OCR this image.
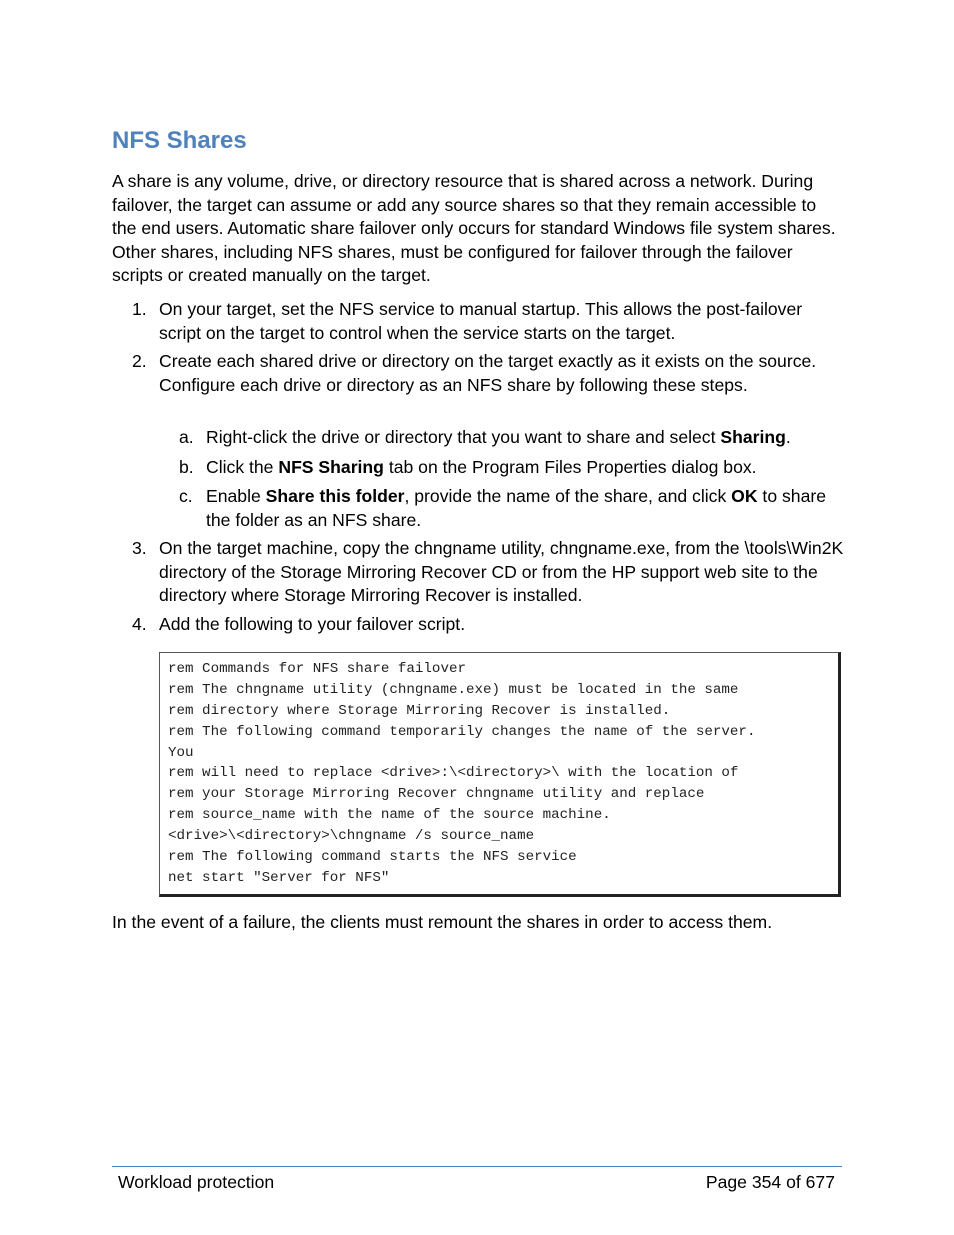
NFS Shares

A share is any volume, drive, or directory resource that is shared across a network. During failover, the target can assume or add any source shares so that they remain accessible to the end users. Automatic share failover only occurs for standard Windows file system shares. Other shares, including NFS shares, must be configured for failover through the failover scripts or created manually on the target.

1. On your target, set the NFS service to manual startup. This allows the post-failover script on the target to control when the service starts on the target.
2. Create each shared drive or directory on the target exactly as it exists on the source. Configure each drive or directory as an NFS share by following these steps.
a. Right-click the drive or directory that you want to share and select Sharing.
b. Click the NFS Sharing tab on the Program Files Properties dialog box.
c. Enable Share this folder, provide the name of the share, and click OK to share the folder as an NFS share.
3. On the target machine, copy the chngname utility, chngname.exe, from the \tools\Win2K directory of the Storage Mirroring Recover CD or from the HP support web site to the directory where Storage Mirroring Recover is installed.
4. Add the following to your failover script.
rem Commands for NFS share failover
rem The chngname utility (chngname.exe) must be located in the same
rem directory where Storage Mirroring Recover is installed.
rem The following command temporarily changes the name of the server.
You
rem will need to replace <drive>:\<directory>\ with the location of
rem your Storage Mirroring Recover chngname utility and replace
rem source_name with the name of the source machine.
<drive>\<directory>\chngname /s source_name
rem The following command starts the NFS service
net start "Server for NFS"

In the event of a failure, the clients must remount the shares in order to access them.

Workload protection	Page 354 of 677
